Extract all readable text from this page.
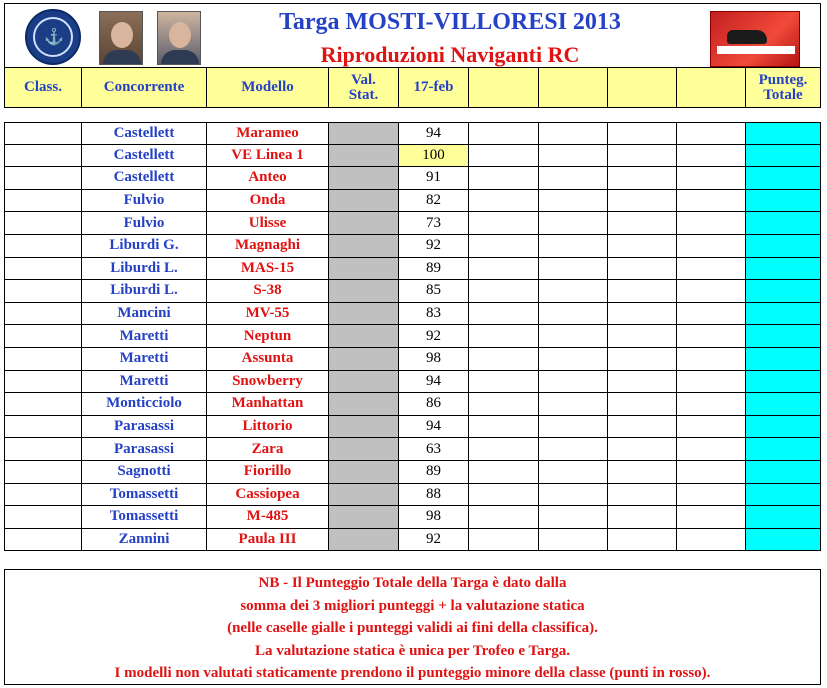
⚓
Targa MOSTI-VILLORESI 2013
Riproduzioni Naviganti RC
Class.	Concorrente	Modello	Val. Stat.	17-feb	Punteg. Totale
Castellett	Marameo	94
Castellett	VE Linea 1	100
Castellett	Anteo	91
Fulvio	Onda	82
Fulvio	Ulisse	73
Liburdi G.	Magnaghi	92
Liburdi L.	MAS-15	89
Liburdi L.	S-38	85
Mancini	MV-55	83
Maretti	Neptun	92
Maretti	Assunta	98
Maretti	Snowberry	94
Monticciolo	Manhattan	86
Parasassi	Littorio	94
Parasassi	Zara	63
Sagnotti	Fiorillo	89
Tomassetti	Cassiopea	88
Tomassetti	M-485	98
Zannini	Paula III	92
NB - Il Punteggio Totale della Targa è dato dalla
somma dei 3 migliori punteggi + la valutazione statica
(nelle caselle gialle i punteggi validi ai fini della classifica).
La valutazione statica è unica per Trofeo e Targa.
I modelli non valutati staticamente prendono il punteggio minore della classe (punti in rosso).
